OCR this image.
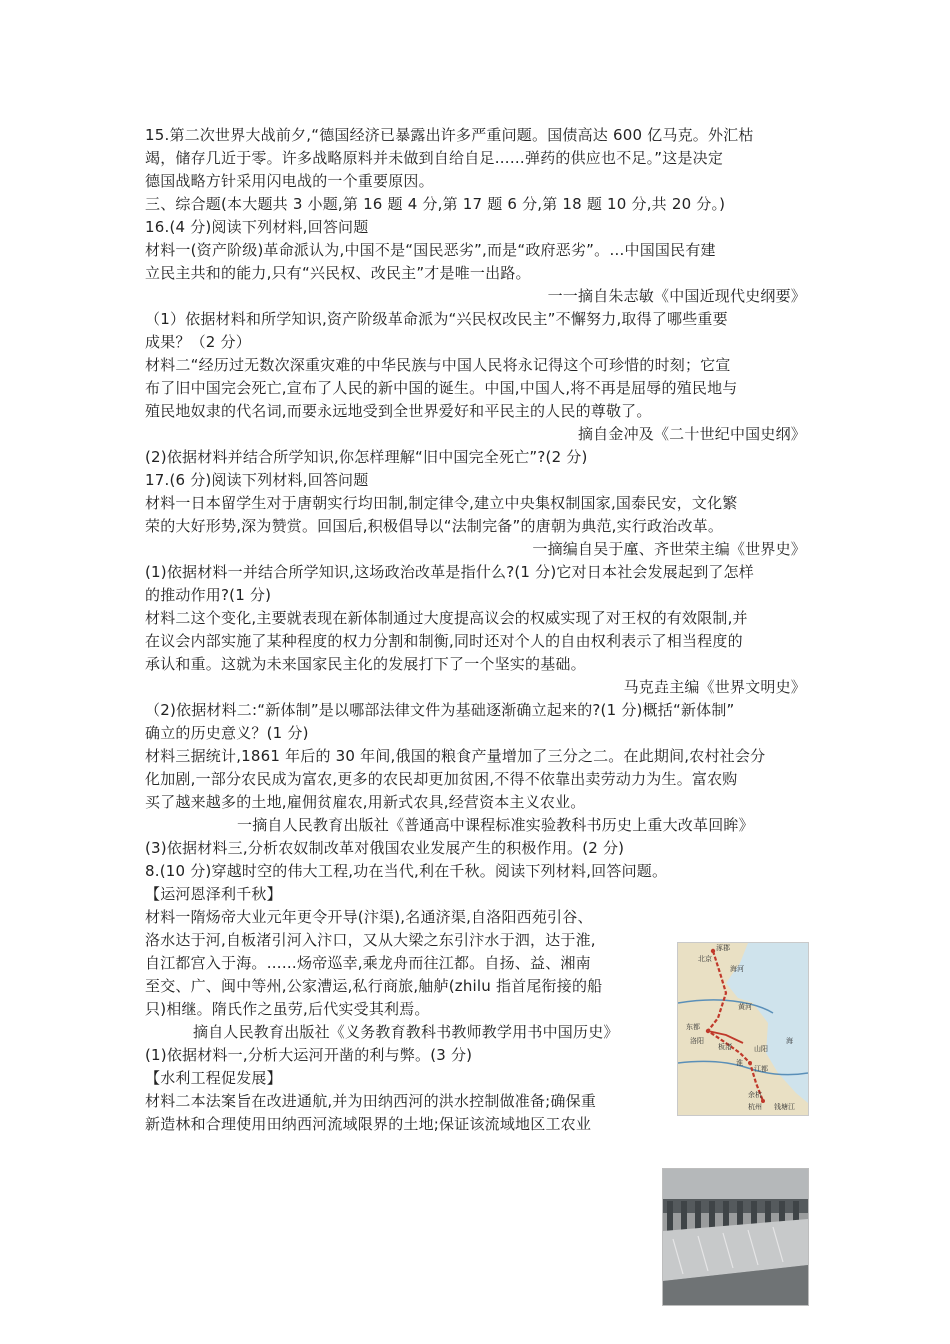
15.第二次世界大战前夕,“德国经济已暴露出许多严重问题。国债高达 600 亿马克。外汇枯

竭，储存几近于零。许多战略原料并未做到自给自足……弹药的供应也不足。”这是决定

德国战略方针采用闪电战的一个重要原因。

三、综合题(本大题共 3 小题,第 16 题 4 分,第 17 题 6 分,第 18 题 10 分,共 20 分。)

16.(4 分)阅读下列材料,回答问题

材料一(资产阶级)革命派认为,中国不是“国民恶劣”,而是“政府恶劣”。…中国国民有建

立民主共和的能力,只有“兴民权、改民主”才是唯一出路。

一一摘自朱志敏《中国近现代史纲要》

（1）依据材料和所学知识,资产阶级革命派为“兴民权改民主”不懈努力,取得了哪些重要

成果？（2 分）

材料二“经历过无数次深重灾难的中华民族与中国人民将永记得这个可珍惜的时刻；它宣

布了旧中国完会死亡,宣布了人民的新中国的诞生。中国,中国人,将不再是屈辱的殖民地与

殖民地奴隶的代名词,而要永远地受到全世界爱好和平民主的人民的尊敬了。

摘自金冲及《二十世纪中国史纲》

(2)依据材料并结合所学知识,你怎样理解“旧中国完全死亡”?(2 分)

17.(6 分)阅读下列材料,回答问题

材料一日本留学生对于唐朝实行均田制,制定律令,建立中央集权制国家,国泰民安，文化繁

荣的大好形势,深为赞赏。回国后,积极倡导以“法制完备”的唐朝为典范,实行政治改革。

一摘编自吴于廑、齐世荣主编《世界史》

(1)依据材料一并结合所学知识,这场政治改革是指什么?(1 分)它对日本社会发展起到了怎样

的推动作用?(1 分)

材料二这个变化,主要就表现在新体制通过大度提高议会的权威实现了对王权的有效限制,并

在议会内部实施了某种程度的权力分割和制衡,同时还对个人的自由权利表示了相当程度的

承认和重。这就为未来国家民主化的发展打下了一个坚实的基础。

马克垚主编《世界文明史》

（2)依据材料二:“新体制”是以哪部法律文件为基础逐渐确立起来的?(1 分)概括“新体制”

确立的历史意义？(1 分)

材料三据统计,1861 年后的 30 年间,俄国的粮食产量增加了三分之二。在此期间,农村社会分

化加剧,一部分农民成为富农,更多的农民却更加贫困,不得不依靠出卖劳动力为生。富农购

买了越来越多的土地,雇佣贫雇农,用新式农具,经营资本主义农业。

一摘自人民教育出版社《普通高中课程标准实验教科书历史上重大改革回眸》

(3)依据材料三,分析农奴制改革对俄国农业发展产生的积极作用。(2 分)

8.(10 分)穿越时空的伟大工程,功在当代,利在千秋。阅读下列材料,回答问题。

【运河恩泽利千秋】

材料一隋炀帝大业元年更令开导(汴渠),名通济渠,自洛阳西苑引谷、

洛水达于河,自板渚引河入汴口，又从大梁之东引汴水于泗，达于淮,

自江都宫入于海。……炀帝巡幸,乘龙舟而往江都。自扬、益、湘南

至交、广、闽中等州,公家漕运,私行商旅,舳舻(zhilu 指首尾衔接的船

只)相继。隋氏作之虽劳,后代实受其利焉。

摘自人民教育出版社《义务教育教科书教师教学用书中国历史》

(1)依据材料一,分析大运河开凿的利与弊。(3 分)

【水利工程促发展】

材料二本法案旨在改进通航,并为田纳西河的洪水控制做准备;确保重

新造林和合理使用田纳西河流域限界的土地;保证该流域地区工农业

涿郡
北京
海河
黄河
东都
洛阳
板渚	山阳
江都
淮
余杭
杭州 钱塘江
海
